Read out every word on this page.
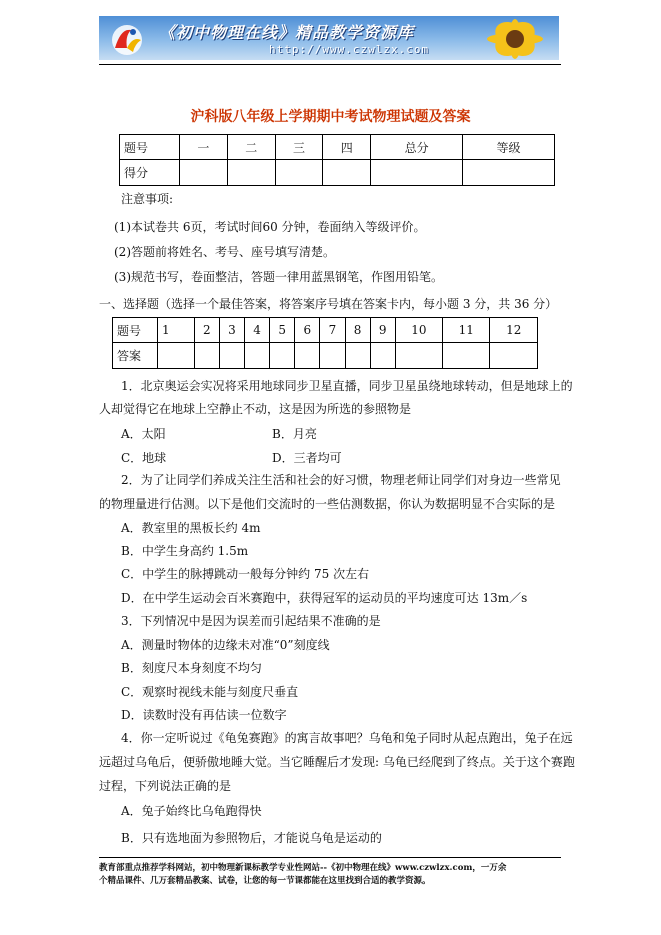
《初中物理在线》精品教学资源库
http://www.czwlzx.com
沪科版八年级上学期期中考试物理试题及答案
题号	一	二	三	四	总分	等级
得分						
注意事项:
(1)本试卷共 6页，考试时间60 分钟，卷面纳入等级评价。
(2)答题前将姓名、考号、座号填写清楚。
(3)规范书写，卷面整洁，答题一律用蓝黑钢笔，作图用铅笔。
一、选择题（选择一个最佳答案，将答案序号填在答案卡内，每小题 3 分，共 36 分）
题号	1	2	3	4	5	6	7	8	9	10	11	12
答案												
1．北京奥运会实况将采用地球同步卫星直播，同步卫星虽绕地球转动，但是地球上的
人却觉得它在地球上空静止不动，这是因为所选的参照物是
A．太阳	B．月亮
C．地球	D．三者均可
2．为了让同学们养成关注生活和社会的好习惯，物理老师让同学们对身边一些常见
的物理量进行估测。以下是他们交流时的一些估测数据，你认为数据明显不合实际的是
A．教室里的黑板长约 4m
B．中学生身高约 1.5m
C．中学生的脉搏跳动一般每分钟约 75 次左右
D．在中学生运动会百米赛跑中，获得冠军的运动员的平均速度可达 13m／s
3．下列情况中是因为误差而引起结果不准确的是
A．测量时物体的边缘未对准“0”刻度线
B．刻度尺本身刻度不均匀
C．观察时视线未能与刻度尺垂直
D．读数时没有再估读一位数字
4．你一定听说过《龟兔赛跑》的寓言故事吧？乌龟和兔子同时从起点跑出，兔子在远
远超过乌龟后，便骄傲地睡大觉。当它睡醒后才发现: 乌龟已经爬到了终点。关于这个赛跑
过程，下列说法正确的是
A．兔子始终比乌龟跑得快
B．只有选地面为参照物后，才能说乌龟是运动的
教育部重点推荐学科网站，初中物理新课标教学专业性网站--《初中物理在线》www.czwlzx.com，一万余
个精品课件、几万套精品教案、试卷，让您的每一节课都能在这里找到合适的教学资源。
